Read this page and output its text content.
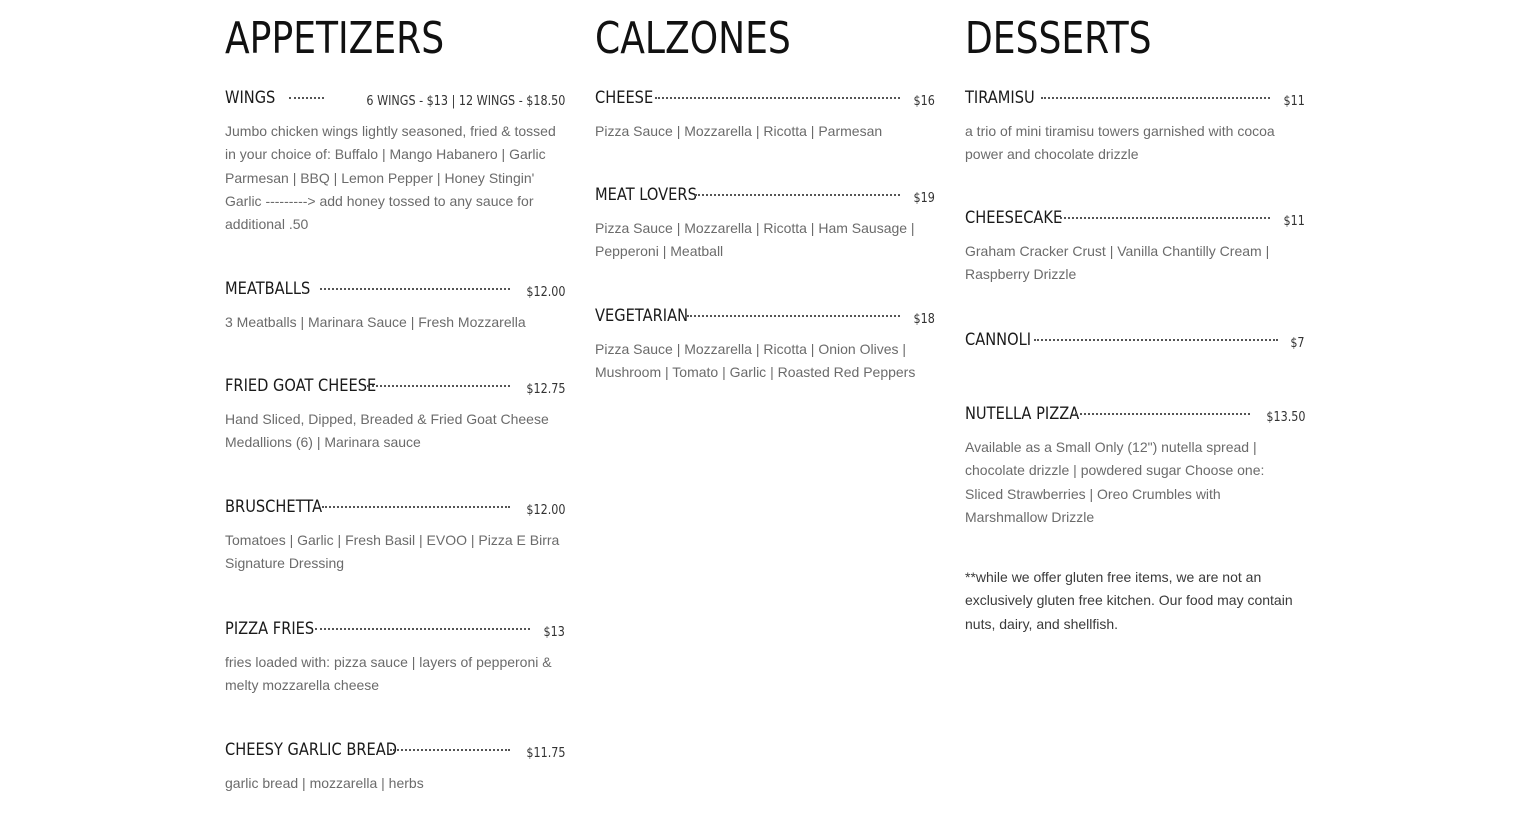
APPETIZERS
WINGS	6 WINGS - $13 | 12 WINGS - $18.50
Jumbo chicken wings lightly seasoned, fried & tossed in your choice of: Buffalo | Mango Habanero | Garlic Parmesan | BBQ | Lemon Pepper | Honey Stingin' Garlic ---------> add honey tossed to any sauce for additional .50
MEATBALLS	$12.00
3 Meatballs | Marinara Sauce | Fresh Mozzarella
FRIED GOAT CHEESE	$12.75
Hand Sliced, Dipped, Breaded & Fried Goat Cheese Medallions (6) | Marinara sauce
BRUSCHETTA	$12.00
Tomatoes | Garlic | Fresh Basil | EVOO | Pizza E Birra Signature Dressing
PIZZA FRIES	$13
fries loaded with: pizza sauce | layers of pepperoni & melty mozzarella cheese
CHEESY GARLIC BREAD	$11.75
garlic bread | mozzarella | herbs
CALZONES
CHEESE	$16
Pizza Sauce | Mozzarella | Ricotta | Parmesan
MEAT LOVERS	$19
Pizza Sauce | Mozzarella | Ricotta | Ham Sausage | Pepperoni | Meatball
VEGETARIAN	$18
Pizza Sauce | Mozzarella | Ricotta | Onion Olives | Mushroom | Tomato | Garlic | Roasted Red Peppers
DESSERTS
TIRAMISU	$11
a trio of mini tiramisu towers garnished with cocoa power and chocolate drizzle
CHEESECAKE	$11
Graham Cracker Crust | Vanilla Chantilly Cream | Raspberry Drizzle
CANNOLI	$7
NUTELLA PIZZA	$13.50
Available as a Small Only (12") nutella spread | chocolate drizzle | powdered sugar Choose one: Sliced Strawberries | Oreo Crumbles with Marshmallow Drizzle
**while we offer gluten free items, we are not an exclusively gluten free kitchen. Our food may contain nuts, dairy, and shellfish.
